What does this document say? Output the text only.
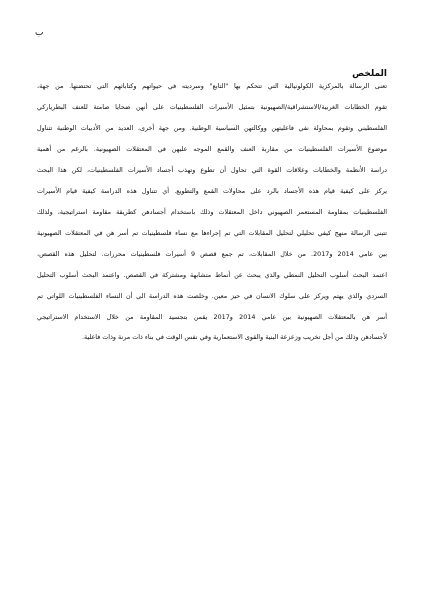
ﺏ
الملخص
تعنى الرسالة بالمركزية الكولونيالية التي تتحكم بها "التابع" وسرديته في حيواتهم وكتاباتهم التي تحتضنها. من جهة،
تقوم الخطابات الغربية/الاستشراقية/الصهيونية بتمثيل الأسيرات الفلسطينيات على أنهن ضحايا صامتة للعنف البطرياركي
الفلسطيني وتقوم بمحاولة نفي فاعليتهن ووكالتهن السياسية الوطنية. ومن جهة أخرى، العديد من الأدبيات الوطنية تتناول
موضوع الأسيرات الفلسطينيات من مقاربة العنف والقمع الموجه عليهن في المعتقلات الصهيونية. بالرغم من أهمية
دراسة الأنظمة والخطابات وعلاقات القوة التي تحاول أن تطوع وتهذب أجساد الأسيرات الفلسطينيات، لكن هذا البحث
يركز على كيفية قيام هذه الأجساد بالرد على محاولات القمع والتطويع. أي تتناول هذه الدراسة كيفية قيام الأسيرات
الفلسطينيات بمقاومة المستعمر الصهيوني داخل المعتقلات وذلك باستخدام أجسادهن كطريقة مقاومة استراتيجية، ولذلك
تتبنى الرسالة منهج كيفي تحليلي لتحليل المقابلات التي تم إجراءها مع نساء فلسطينيات تم أسر هن في المعتقلات الصهيونية
بين عامي 2014 و2017. من خلال المقابلات، تم جمع قصص 9 أسيرات فلسطينيات محررات. لتحليل هذه القصص،
اعتمد البحث أسلوب التحليل النمطي والذي يبحث عن أنماط متشابهة ومشتركة في القصص. واعتمد البحث أسلوب التحليل
السردي والذي يهتم ويركز على سلوك الانسان في حيز معين. وخلصت هذه الدراسة الى أن النساء الفلسطينيات اللواتي تم
أسر هن بالمعتقلات الصهيونية بين عامي 2014 و2017 يقمن بتجسيد المقاومة من خلال الاستخدام الاستراتيجي
لأجسادهن وذلك من أجل تخريب وزعزعة البنية والقوى الاستعمارية وفي نفس الوقت في بناء ذات مرنة وذات فاعلية.
